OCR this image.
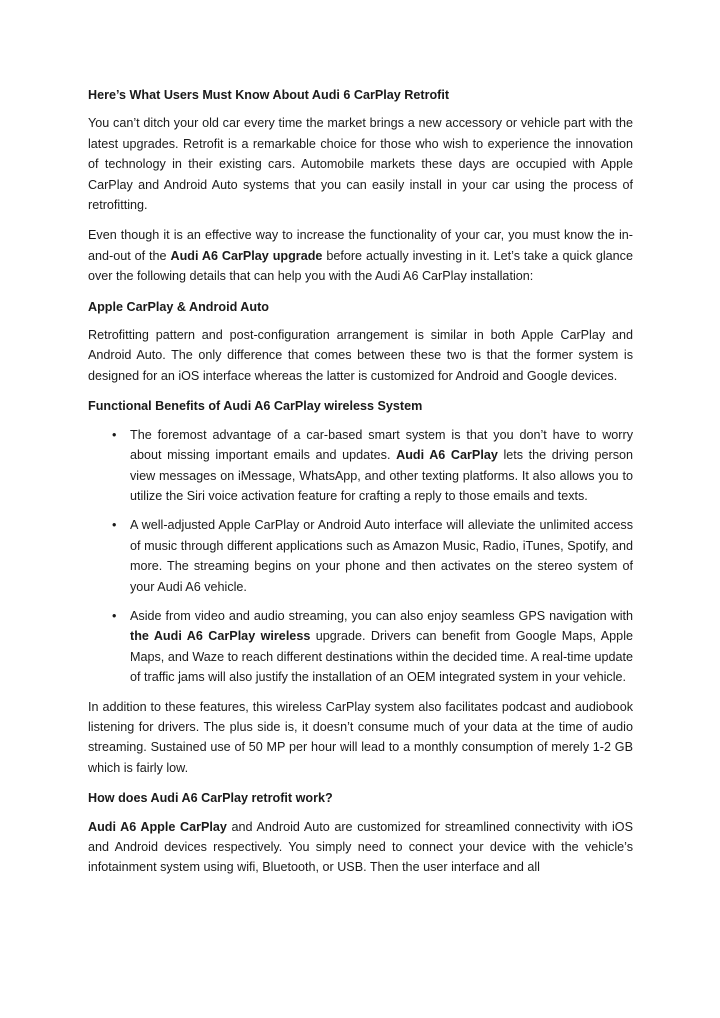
Here’s What Users Must Know About Audi 6 CarPlay Retrofit

You can’t ditch your old car every time the market brings a new accessory or vehicle part with the latest upgrades. Retrofit is a remarkable choice for those who wish to experience the innovation of technology in their existing cars. Automobile markets these days are occupied with Apple CarPlay and Android Auto systems that you can easily install in your car using the process of retrofitting.

Even though it is an effective way to increase the functionality of your car, you must know the in-and-out of the Audi A6 CarPlay upgrade before actually investing in it. Let’s take a quick glance over the following details that can help you with the Audi A6 CarPlay installation:

Apple CarPlay & Android Auto

Retrofitting pattern and post-configuration arrangement is similar in both Apple CarPlay and Android Auto. The only difference that comes between these two is that the former system is designed for an iOS interface whereas the latter is customized for Android and Google devices.

Functional Benefits of Audi A6 CarPlay wireless System
• The foremost advantage of a car-based smart system is that you don’t have to worry about missing important emails and updates. Audi A6 CarPlay lets the driving person view messages on iMessage, WhatsApp, and other texting platforms. It also allows you to utilize the Siri voice activation feature for crafting a reply to those emails and texts.
• A well-adjusted Apple CarPlay or Android Auto interface will alleviate the unlimited access of music through different applications such as Amazon Music, Radio, iTunes, Spotify, and more. The streaming begins on your phone and then activates on the stereo system of your Audi A6 vehicle.
• Aside from video and audio streaming, you can also enjoy seamless GPS navigation with the Audi A6 CarPlay wireless upgrade. Drivers can benefit from Google Maps, Apple Maps, and Waze to reach different destinations within the decided time. A real-time update of traffic jams will also justify the installation of an OEM integrated system in your vehicle.

In addition to these features, this wireless CarPlay system also facilitates podcast and audiobook listening for drivers. The plus side is, it doesn’t consume much of your data at the time of audio streaming. Sustained use of 50 MP per hour will lead to a monthly consumption of merely 1-2 GB which is fairly low.

How does Audi A6 CarPlay retrofit work?

Audi A6 Apple CarPlay and Android Auto are customized for streamlined connectivity with iOS and Android devices respectively. You simply need to connect your device with the vehicle’s infotainment system using wifi, Bluetooth, or USB. Then the user interface and all
